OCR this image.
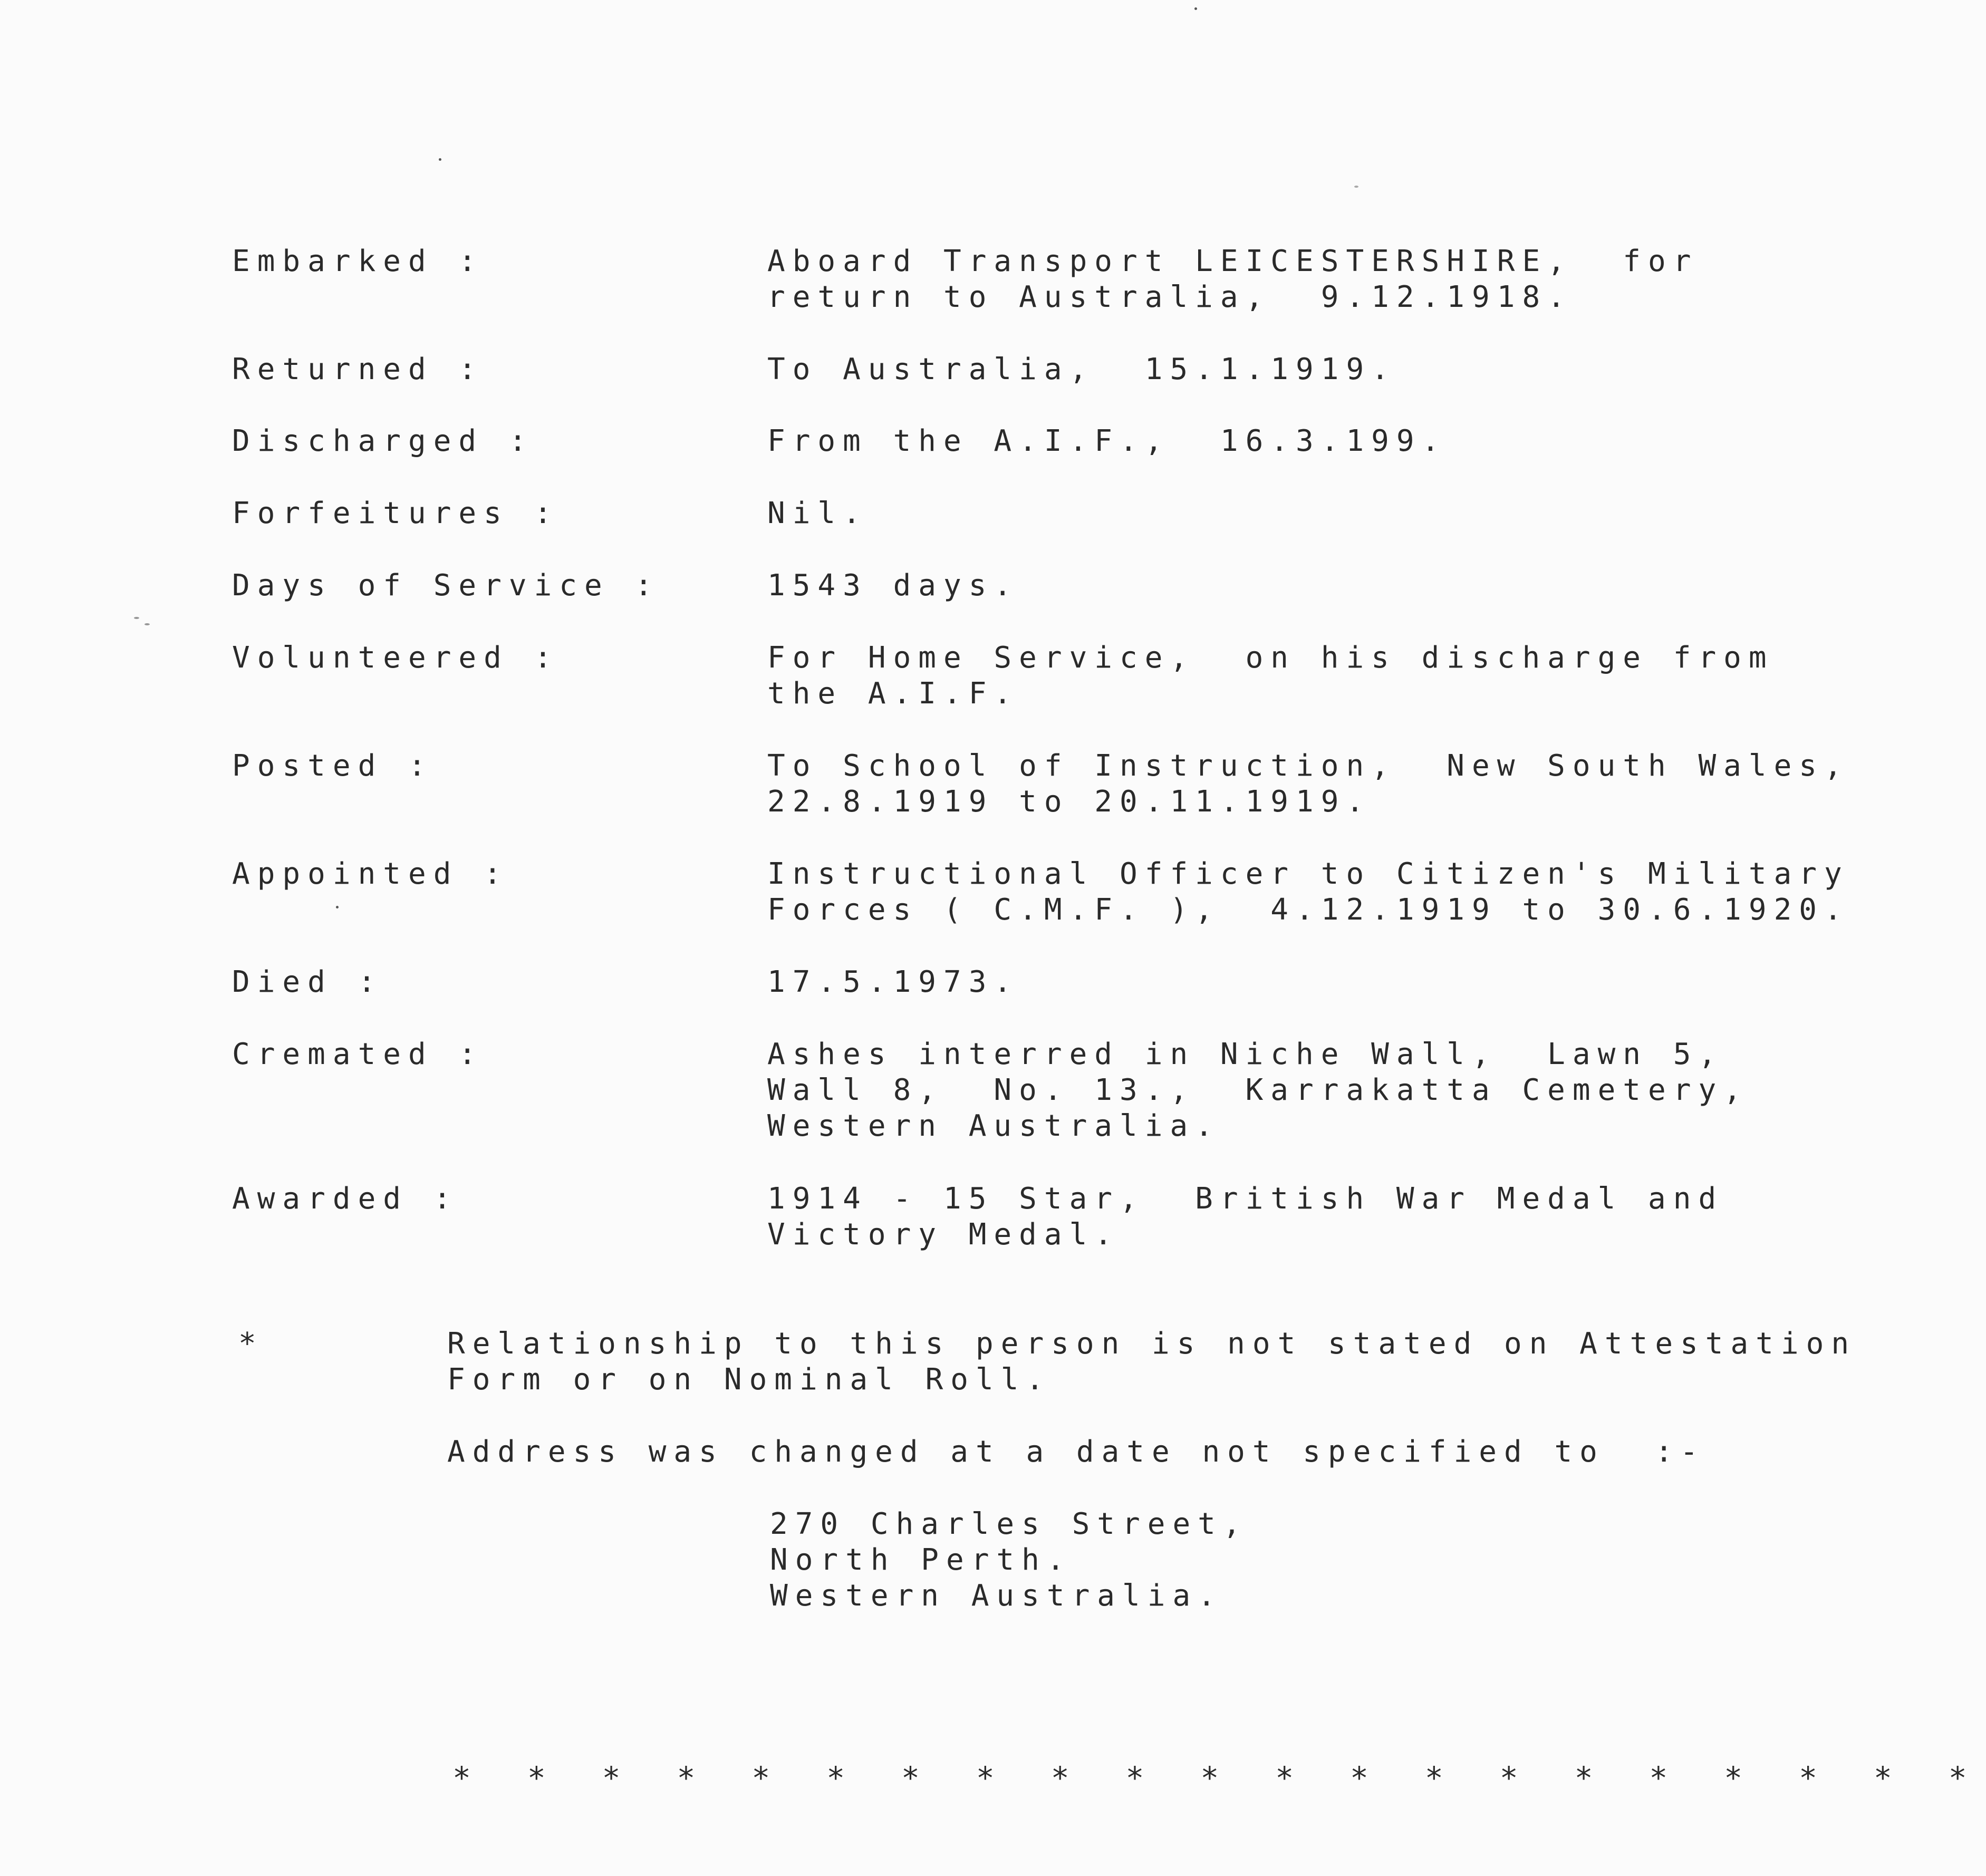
Embarked :	Aboard Transport LEICESTERSHIRE,  for
return to Australia,  9.12.1918.
Returned :	To Australia,  15.1.1919.
Discharged :	From the A.I.F.,  16.3.199.
Forfeitures :	Nil.
Days of Service :	1543 days.
Volunteered :	For Home Service,  on his discharge from
the A.I.F.
Posted :	To School of Instruction,  New South Wales,
22.8.1919 to 20.11.1919.
Appointed :	Instructional Officer to Citizen's Military
Forces ( C.M.F. ),  4.12.1919 to 30.6.1920.
Died :	17.5.1973.
Cremated :	Ashes interred in Niche Wall,  Lawn 5,
Wall 8,  No. 13.,  Karrakatta Cemetery,
Western Australia.
Awarded :	1914 - 15 Star,  British War Medal and
Victory Medal.
*	Relationship to this person is not stated on Attestation
Form or on Nominal Roll.
Address was changed at a date not specified to  :-
270 Charles Street,
North Perth.
Western Australia.
* * * * * * * * * * * * * * * * * * * * *
